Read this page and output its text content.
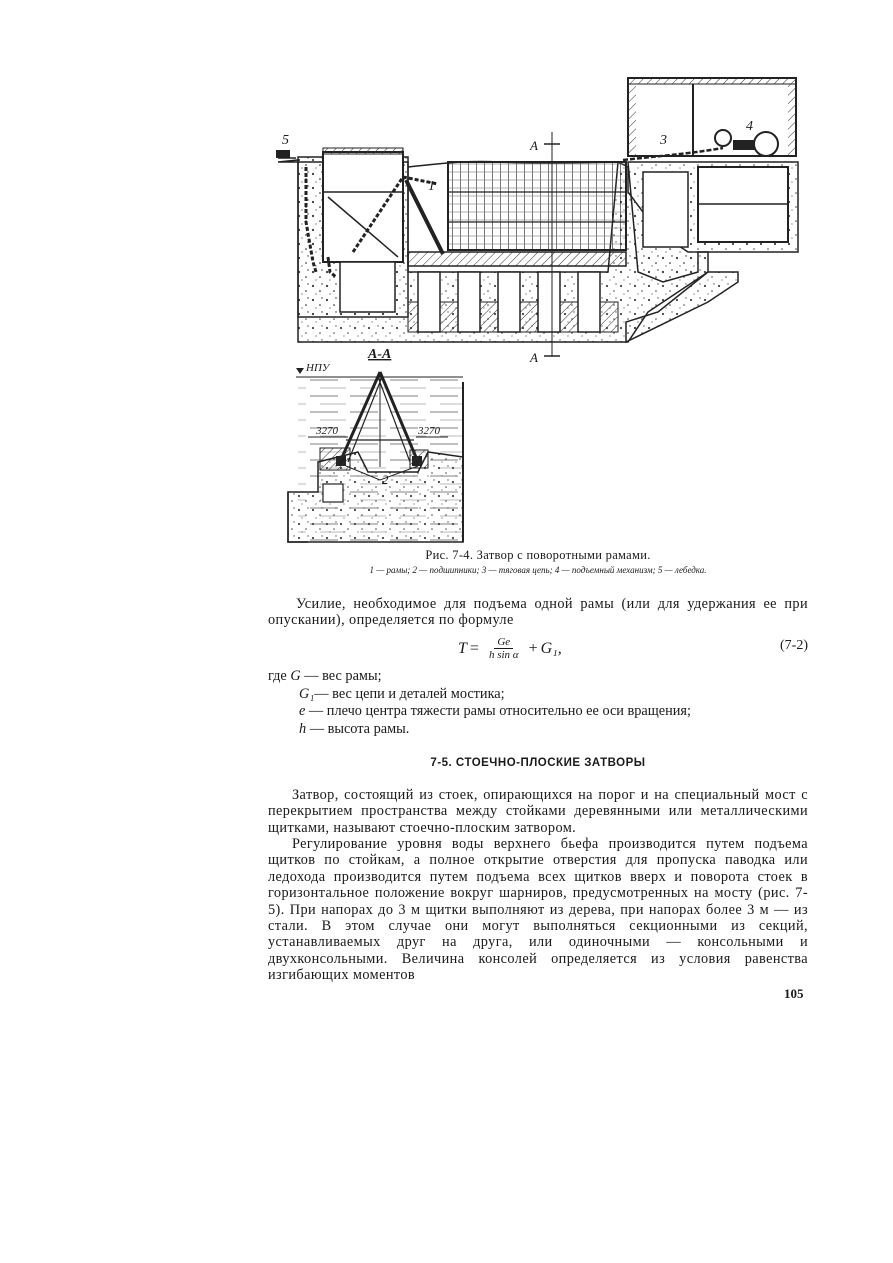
5
1
3
4
A
A
A-A
НПУ
3270	3270
2
Рис. 7-4. Затвор с поворотными рамами.
1 — рамы; 2 — подшипники; 3 — тяговая цепь; 4 — подъемный механизм; 5 — лебедка.
Усилие, необходимое для подъема одной рамы (или для удержания ее при опускании), определяется по формуле
$T = \frac{Ge}{\text{h sin α}} + G_1$,	(7-2)
где G — вес рамы;
G₁— вес цепи и деталей мостика;
e — плечо центра тяжести рамы относительно ее оси вращения;
h — высота рамы.
7-5. СТОЕЧНО-ПЛОСКИЕ ЗАТВОРЫ
Затвор, состоящий из стоек, опирающихся на порог и на специальный мост с перекрытием пространства между стойками деревянными или металлическими щитками, называют стоечно-плоским затвором.
Регулирование уровня воды верхнего бьефа производится путем подъема щитков по стойкам, а полное открытие отверстия для пропуска паводка или ледохода производится путем подъема всех щитков вверх и поворота стоек в горизонтальное положение вокруг шарниров, предусмотренных на мосту (рис. 7-5). При напорах до 3 м щитки выполняют из дерева, при напорах более 3 м — из стали. В этом случае они могут выполняться секционными из секций, устанавливаемых друг на друга, или одиночными — консольными и двухконсольными. Величина консолей определяется из условия равенства изгибающих моментов
105
